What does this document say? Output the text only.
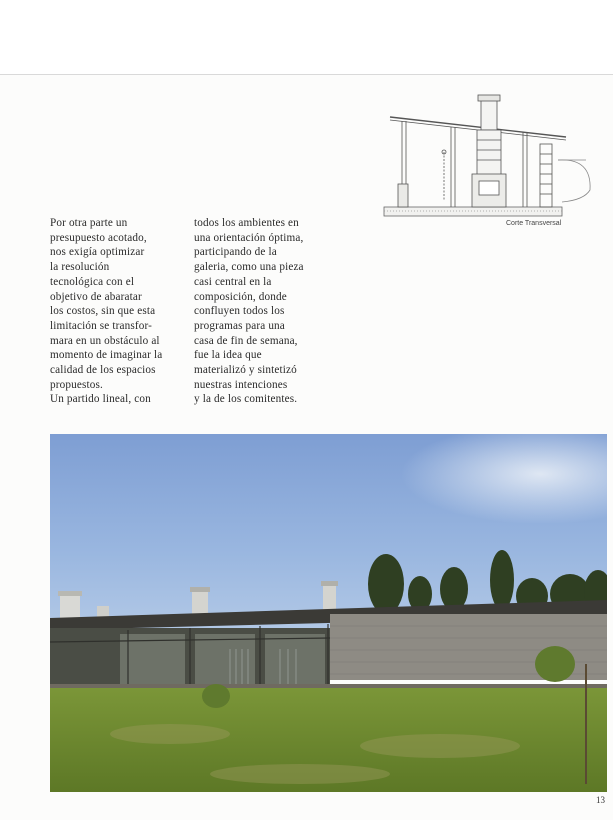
Por otra parte un
presupuesto acotado,
nos exigía optimizar
la resolución
tecnológica con el
objetivo de abaratar
los costos, sin que esta
limitación se transfor-
mara en un obstáculo al
momento de imaginar la
calidad de los espacios
propuestos.
Un partido lineal, con
todos los ambientes en
una orientación óptima,
participando de la
galeria, como una pieza
casi central en la
composición, donde
confluyen todos los
programas para una
casa de fin de semana,
fue la idea que
materializó y sintetizó
nuestras intenciones
y la de los comitentes.
Corte Transversal
13
